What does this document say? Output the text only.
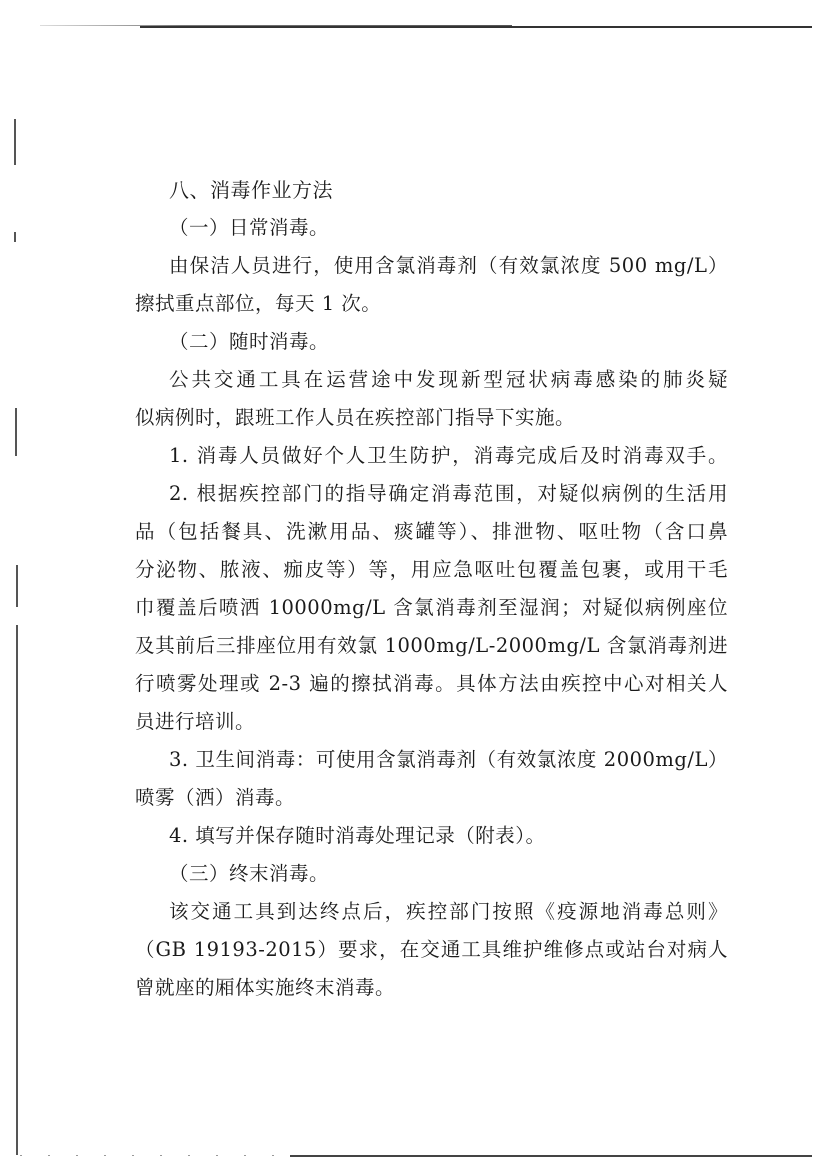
八、消毒作业方法
（一）日常消毒。
由保洁人员进行，使用含氯消毒剂（有效氯浓度 500 mg/L）
擦拭重点部位，每天 1 次。
（二）随时消毒。
公共交通工具在运营途中发现新型冠状病毒感染的肺炎疑
似病例时，跟班工作人员在疾控部门指导下实施。
1. 消毒人员做好个人卫生防护，消毒完成后及时消毒双手。
2. 根据疾控部门的指导确定消毒范围，对疑似病例的生活用
品（包括餐具、洗漱用品、痰罐等）、排泄物、呕吐物（含口鼻
分泌物、脓液、痂皮等）等，用应急呕吐包覆盖包裹，或用干毛
巾覆盖后喷洒 10000mg/L 含氯消毒剂至湿润；对疑似病例座位
及其前后三排座位用有效氯 1000mg/L-2000mg/L 含氯消毒剂进
行喷雾处理或 2-3 遍的擦拭消毒。具体方法由疾控中心对相关人
员进行培训。
3. 卫生间消毒：可使用含氯消毒剂（有效氯浓度 2000mg/L）
喷雾（洒）消毒。
4. 填写并保存随时消毒处理记录（附表）。
（三）终末消毒。
该交通工具到达终点后，疾控部门按照《疫源地消毒总则》
（GB 19193-2015）要求，在交通工具维护维修点或站台对病人
曾就座的厢体实施终末消毒。
